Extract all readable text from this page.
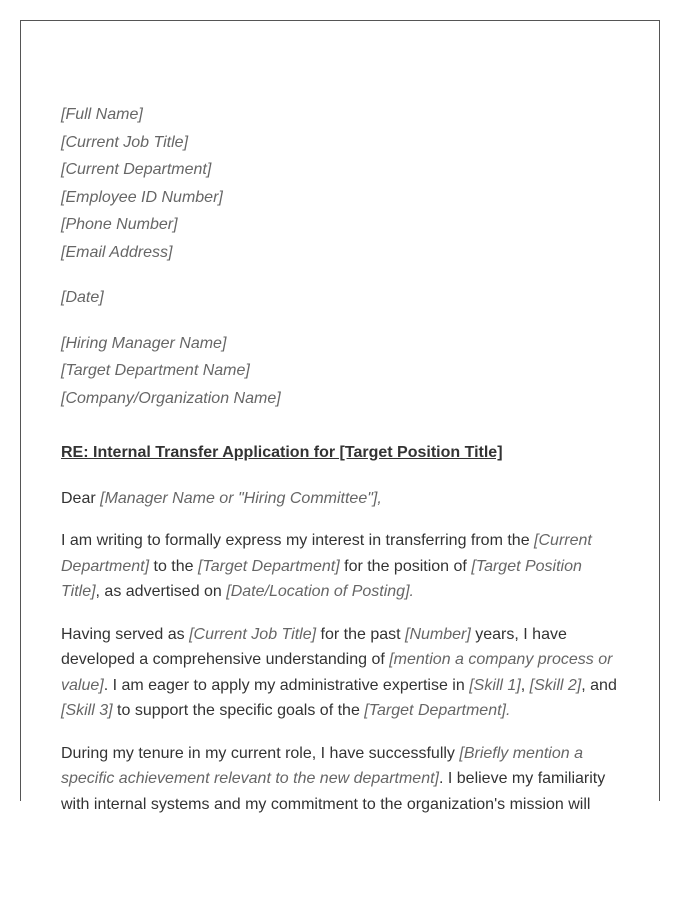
[Full Name]
[Current Job Title]
[Current Department]
[Employee ID Number]
[Phone Number]
[Email Address]
[Date]
[Hiring Manager Name]
[Target Department Name]
[Company/Organization Name]
RE: Internal Transfer Application for [Target Position Title]
Dear [Manager Name or "Hiring Committee"],

I am writing to formally express my interest in transferring from the [Current Department] to the [Target Department] for the position of [Target Position Title], as advertised on [Date/Location of Posting].

Having served as [Current Job Title] for the past [Number] years, I have developed a comprehensive understanding of [mention a company process or value]. I am eager to apply my administrative expertise in [Skill 1], [Skill 2], and [Skill 3] to support the specific goals of the [Target Department].

During my tenure in my current role, I have successfully [Briefly mention a specific achievement relevant to the new department]. I believe my familiarity with internal systems and my commitment to the organization's mission will
